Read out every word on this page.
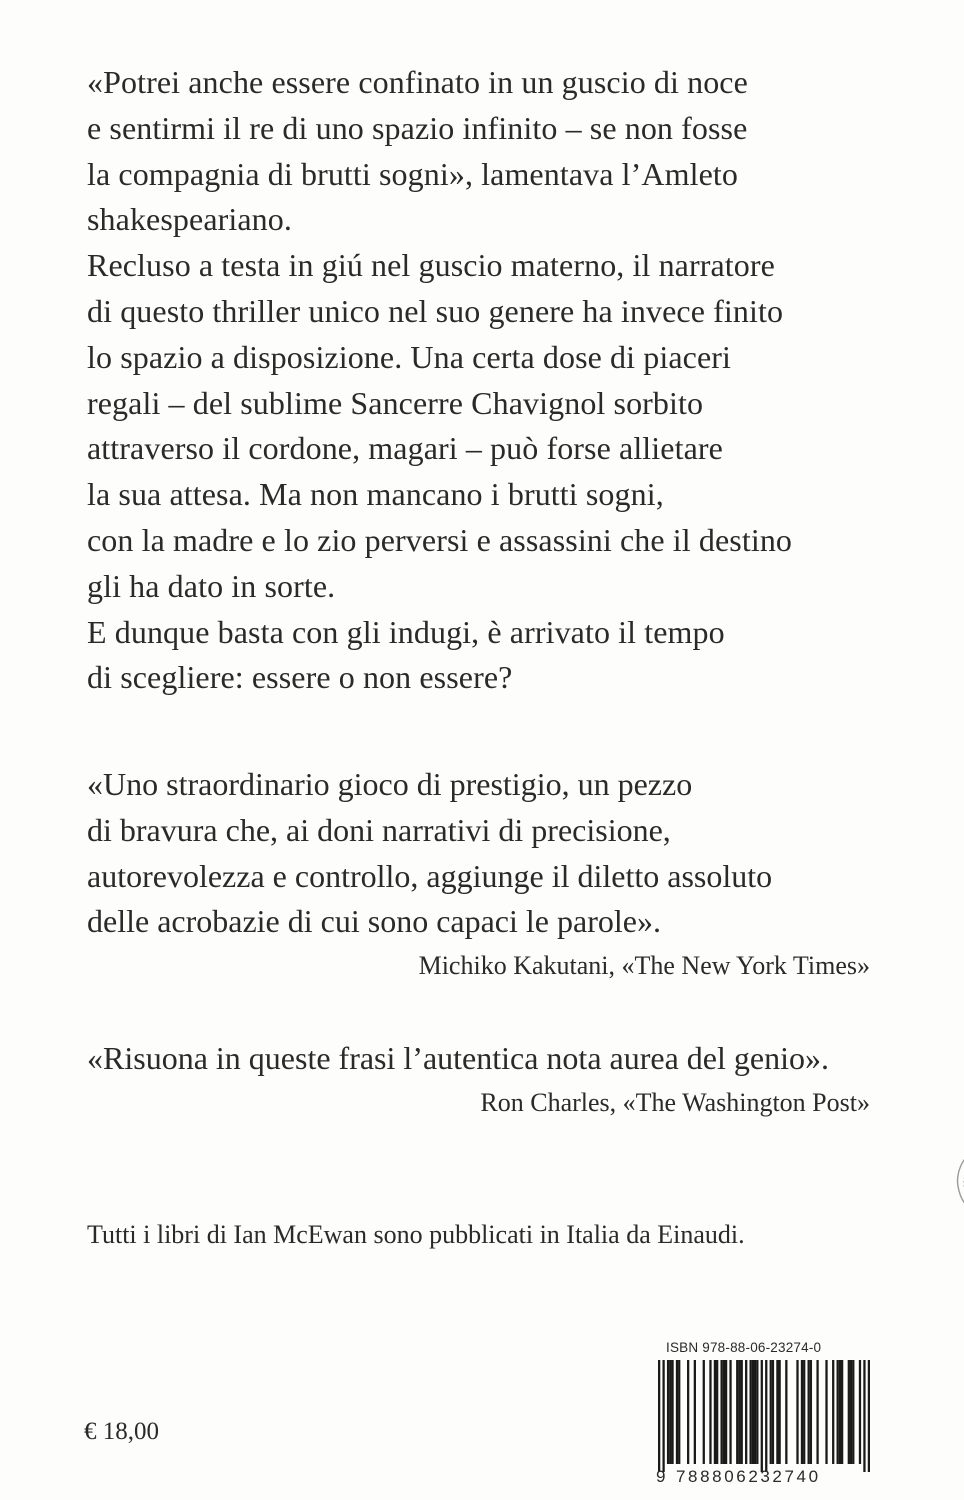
«Potrei anche essere confinato in un guscio di noce
e sentirmi il re di uno spazio infinito – se non fosse
la compagnia di brutti sogni», lamentava l’Amleto
shakespeariano.
Recluso a testa in giú nel guscio materno, il narratore
di questo thriller unico nel suo genere ha invece finito
lo spazio a disposizione. Una certa dose di piaceri
regali – del sublime Sancerre Chavignol sorbito
attraverso il cordone, magari – può forse allietare
la sua attesa. Ma non mancano i brutti sogni,
con la madre e lo zio perversi e assassini che il destino
gli ha dato in sorte.
E dunque basta con gli indugi, è arrivato il tempo
di scegliere: essere o non essere?
«Uno straordinario gioco di prestigio, un pezzo
di bravura che, ai doni narrativi di precisione,
autorevolezza e controllo, aggiunge il diletto assoluto
delle acrobazie di cui sono capaci le parole».
Michiko Kakutani, «The New York Times»
«Risuona in queste frasi l’autentica nota aurea del genio».
Ron Charles, «The Washington Post»
Tutti i libri di Ian McEwan sono pubblicati in Italia da Einaudi.
€ 18,00
ISBN 978-88-06-23274-0
9 788806232740
